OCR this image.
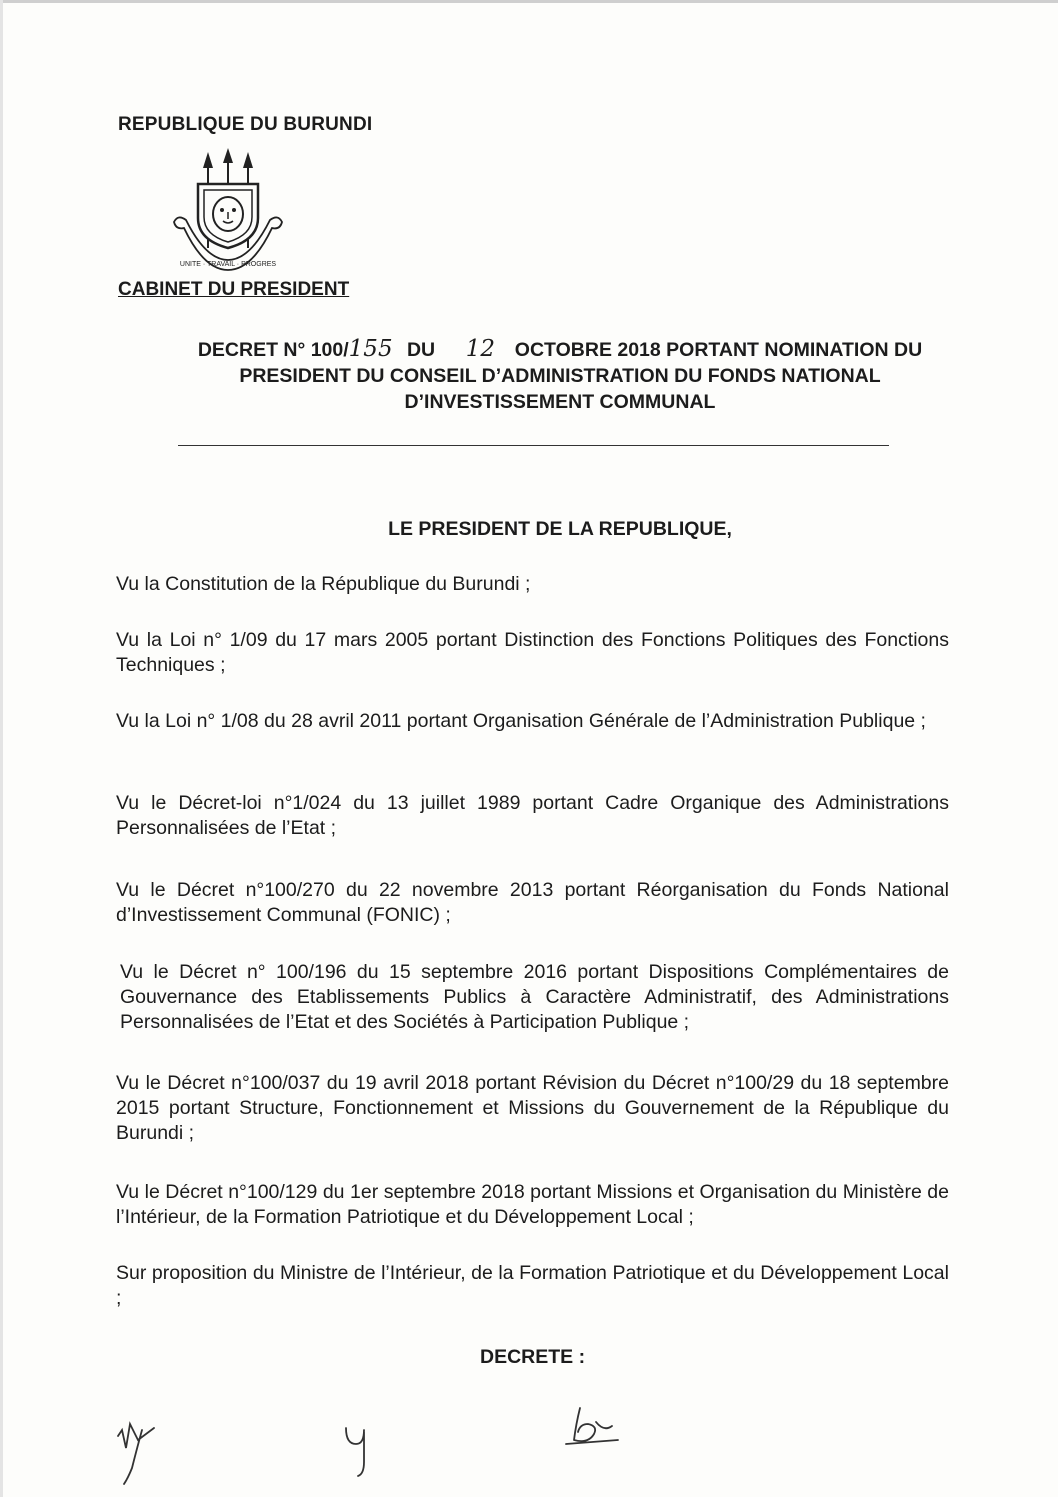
REPUBLIQUE DU BURUNDI
UNITE · TRAVAIL · PROGRES
CABINET DU PRESIDENT
DECRET N° 100/155 DU 12 OCTOBRE 2018 PORTANT NOMINATION DU
PRESIDENT DU CONSEIL D’ADMINISTRATION DU FONDS NATIONAL
D’INVESTISSEMENT COMMUNAL
LE PRESIDENT DE LA REPUBLIQUE,
Vu la Constitution de la République du Burundi ;
Vu la Loi n° 1/09 du 17 mars 2005 portant Distinction des Fonctions Politiques des Fonctions Techniques ;
Vu la Loi n° 1/08 du 28 avril 2011 portant Organisation Générale de l’Administration Publique ;
Vu le Décret-loi n°1/024 du 13 juillet 1989 portant Cadre Organique des Administrations Personnalisées de l’Etat ;
Vu le Décret n°100/270 du 22 novembre 2013 portant Réorganisation du Fonds National d’Investissement Communal (FONIC) ;
Vu le Décret n° 100/196 du 15 septembre 2016 portant Dispositions Complémentaires de Gouvernance des Etablissements Publics à Caractère Administratif, des Administrations Personnalisées de l’Etat et des Sociétés à Participation Publique ;
Vu le Décret n°100/037 du 19 avril 2018 portant Révision du Décret n°100/29 du 18 septembre 2015 portant Structure, Fonctionnement et Missions du Gouvernement de la République du Burundi ;
Vu le Décret n°100/129 du 1er septembre 2018 portant Missions et Organisation du Ministère de l’Intérieur, de la Formation Patriotique et du Développement Local ;
Sur proposition du Ministre de l’Intérieur, de la Formation Patriotique et du Développement Local ;
DECRETE :
